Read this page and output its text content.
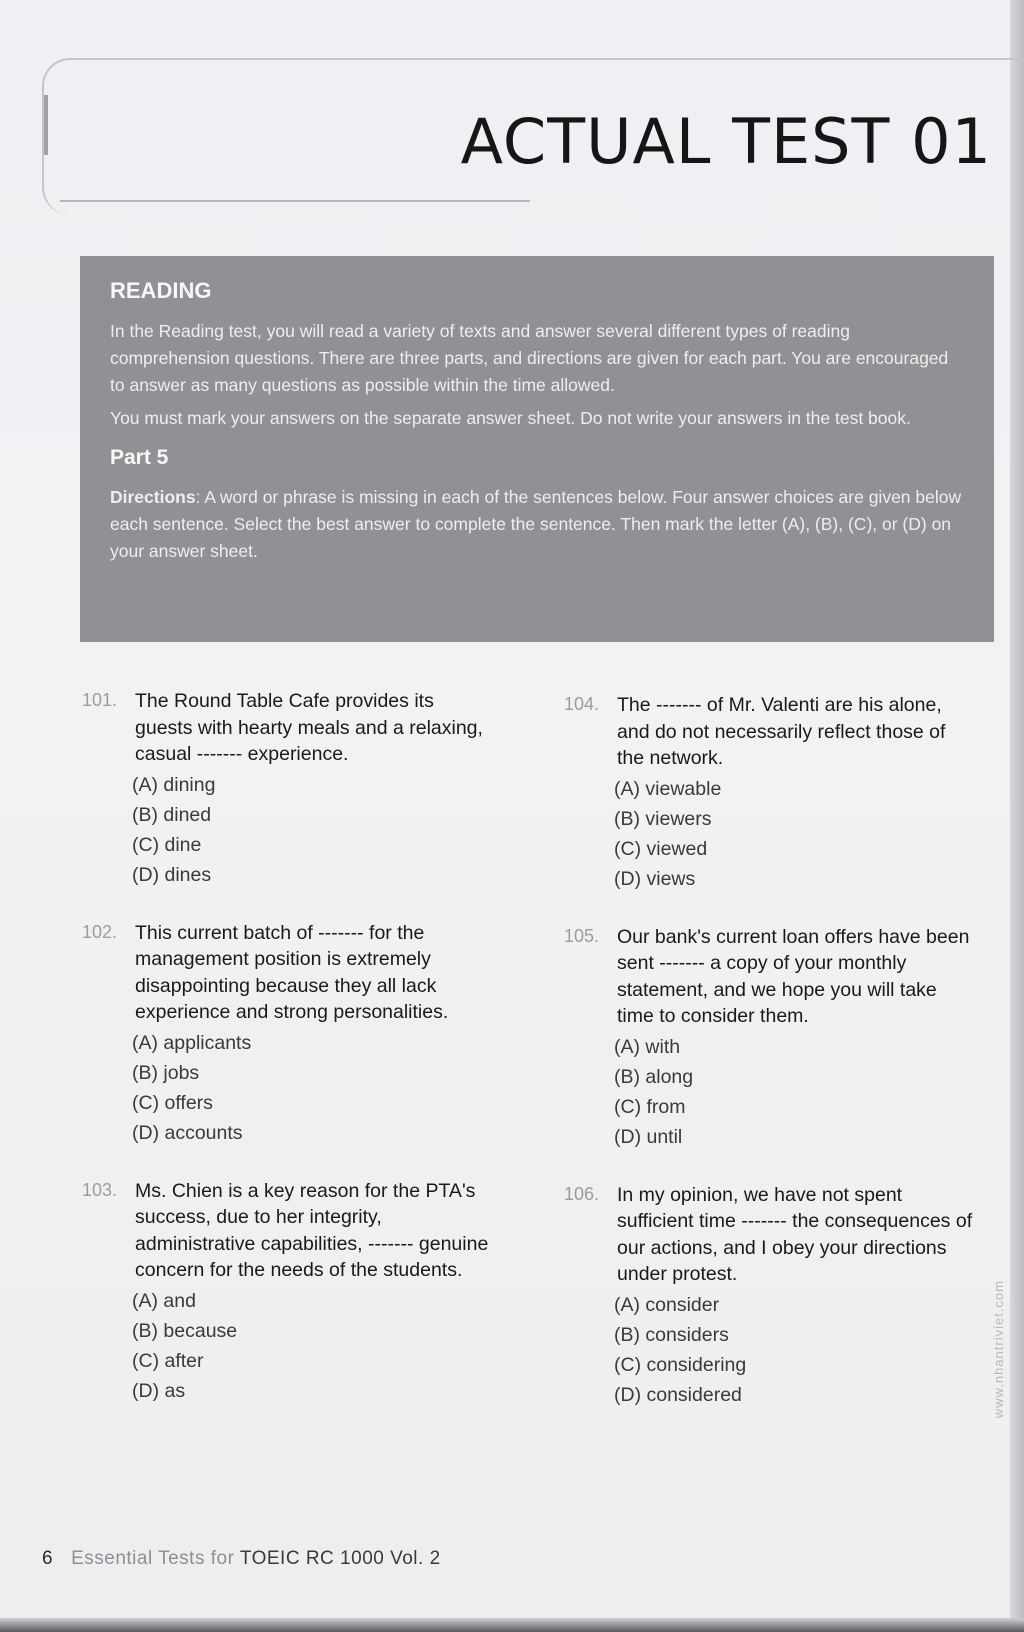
ACTUAL TEST 01
READING

In the Reading test, you will read a variety of texts and answer several different types of reading comprehension questions. There are three parts, and directions are given for each part. You are encouraged to answer as many questions as possible within the time allowed.

You must mark your answers on the separate answer sheet. Do not write your answers in the test book.

Part 5

Directions: A word or phrase is missing in each of the sentences below. Four answer choices are given below each sentence. Select the best answer to complete the sentence. Then mark the letter (A), (B), (C), or (D) on your answer sheet.

101. The Round Table Cafe provides its guests with hearty meals and a relaxing, casual ------- experience.
(A) dining
(B) dined
(C) dine
(D) dines
102. This current batch of ------- for the management position is extremely disappointing because they all lack experience and strong personalities.
(A) applicants
(B) jobs
(C) offers
(D) accounts
103. Ms. Chien is a key reason for the PTA's success, due to her integrity, administrative capabilities, ------- genuine concern for the needs of the students.
(A) and
(B) because
(C) after
(D) as
104. The ------- of Mr. Valenti are his alone, and do not necessarily reflect those of the network.
(A) viewable
(B) viewers
(C) viewed
(D) views
105. Our bank's current loan offers have been sent ------- a copy of your monthly statement, and we hope you will take time to consider them.
(A) with
(B) along
(C) from
(D) until
106. In my opinion, we have not spent sufficient time ------- the consequences of our actions, and I obey your directions under protest.
(A) consider
(B) considers
(C) considering
(D) considered
6 Essential Tests for TOEIC RC 1000 Vol. 2
www.nhantriviet.com
